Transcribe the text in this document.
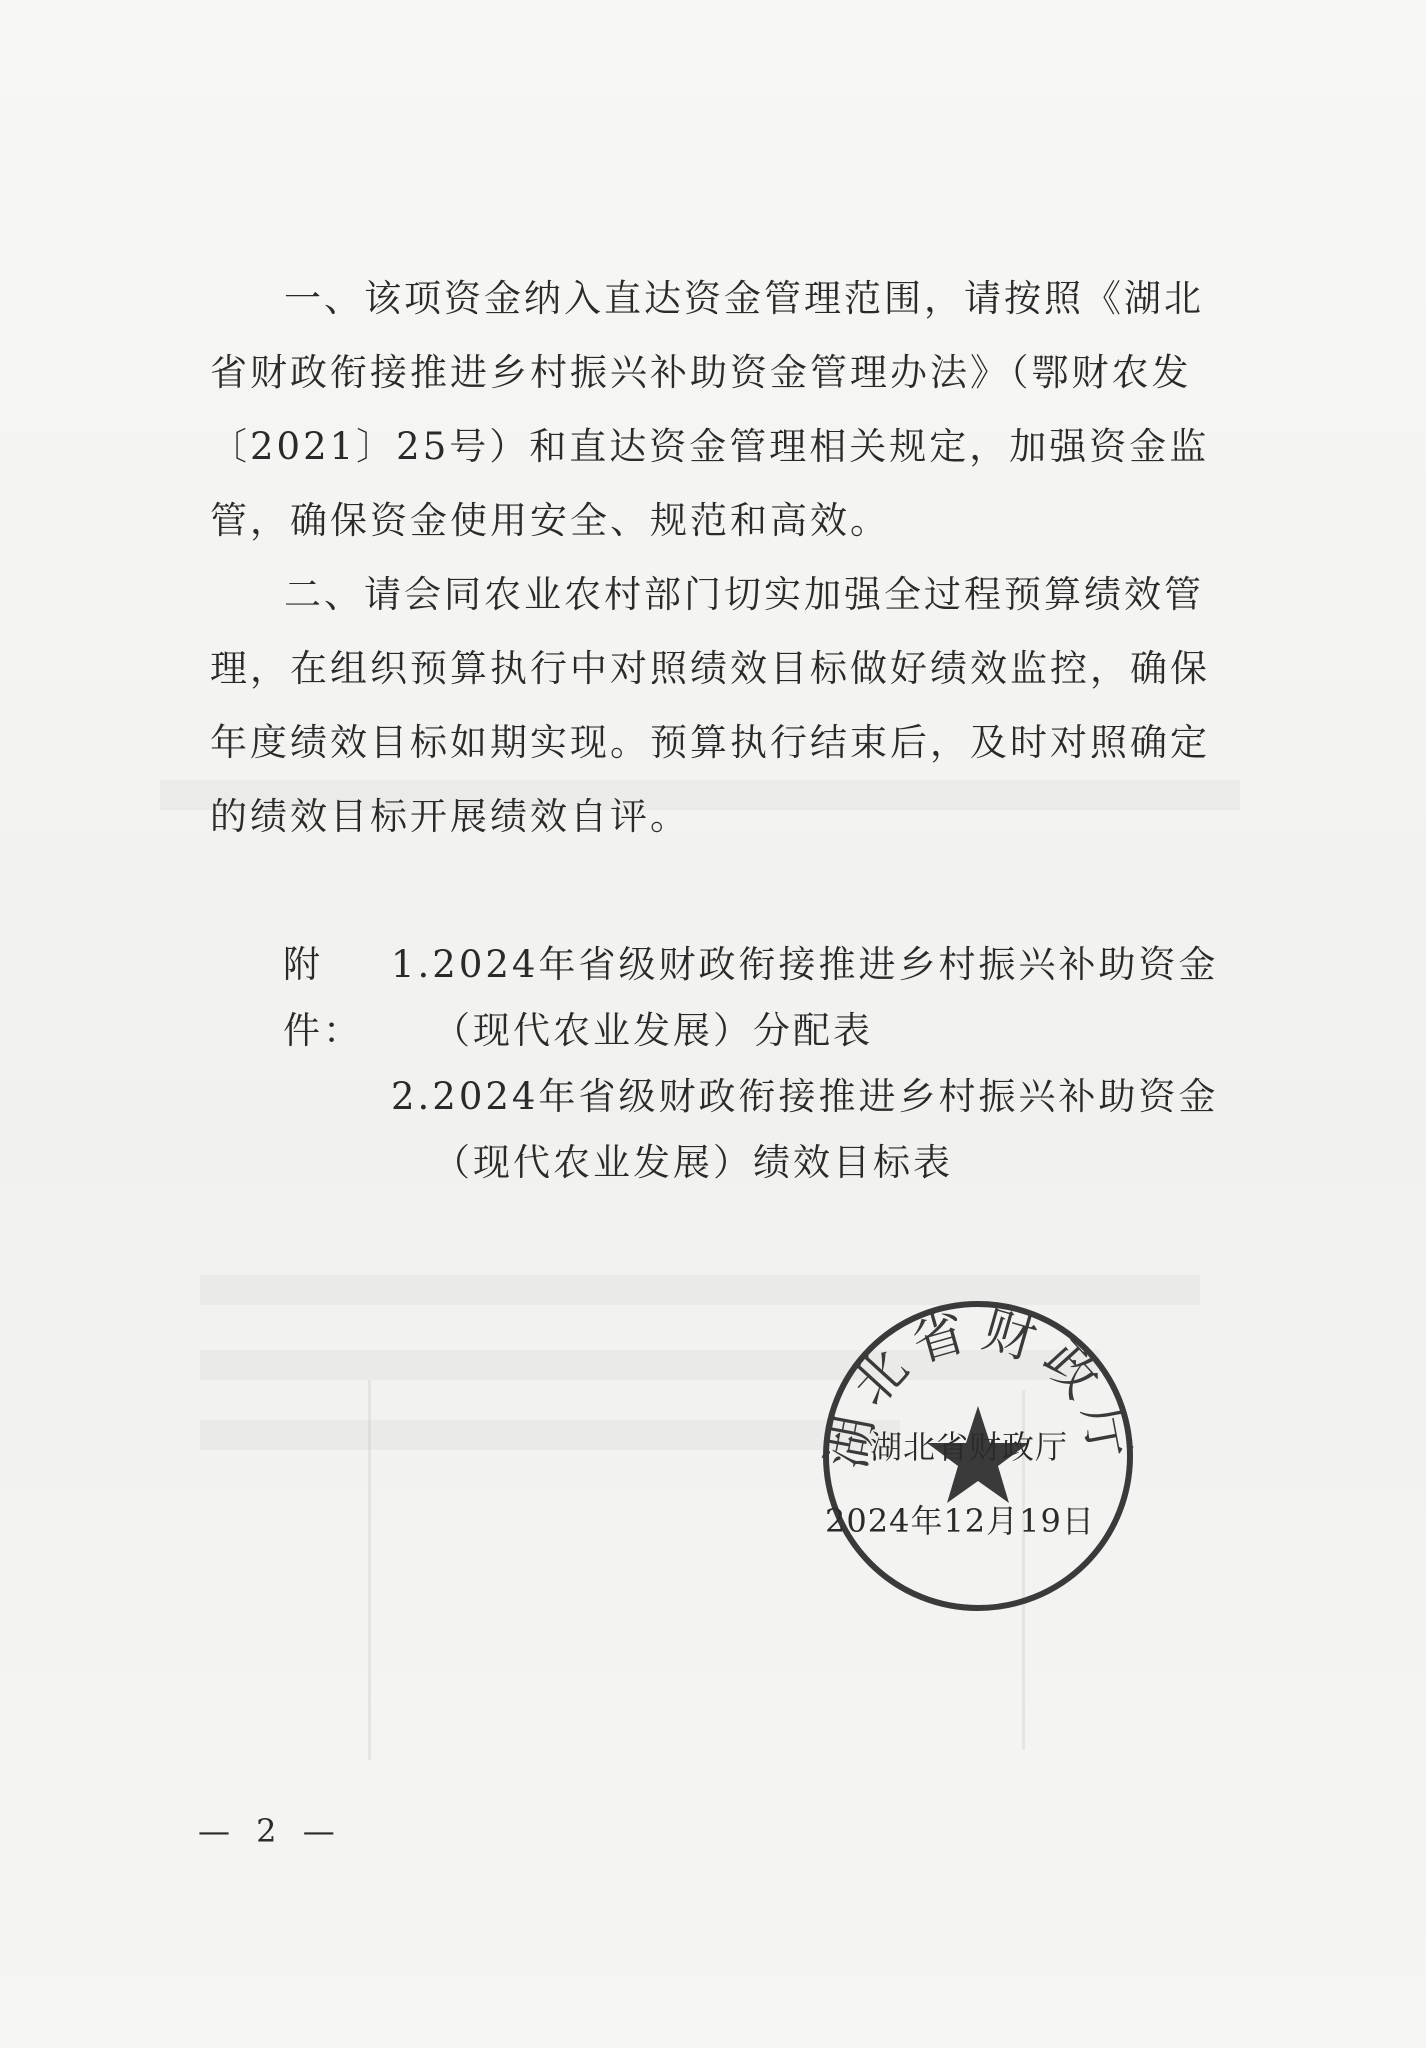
一、该项资金纳入直达资金管理范围，请按照《湖北省财政衔接推进乡村振兴补助资金管理办法》（鄂财农发〔2021〕25号）和直达资金管理相关规定，加强资金监管，确保资金使用安全、规范和高效。

二、请会同农业农村部门切实加强全过程预算绩效管理，在组织预算执行中对照绩效目标做好绩效监控，确保年度绩效目标如期实现。预算执行结束后，及时对照确定的绩效目标开展绩效自评。

附件：
1.2024年省级财政衔接推进乡村振兴补助资金（现代农业发展）分配表
2.2024年省级财政衔接推进乡村振兴补助资金（现代农业发展）绩效目标表
湖北省财政厅
湖北省财政厅
2024年12月19日
— 2 —
